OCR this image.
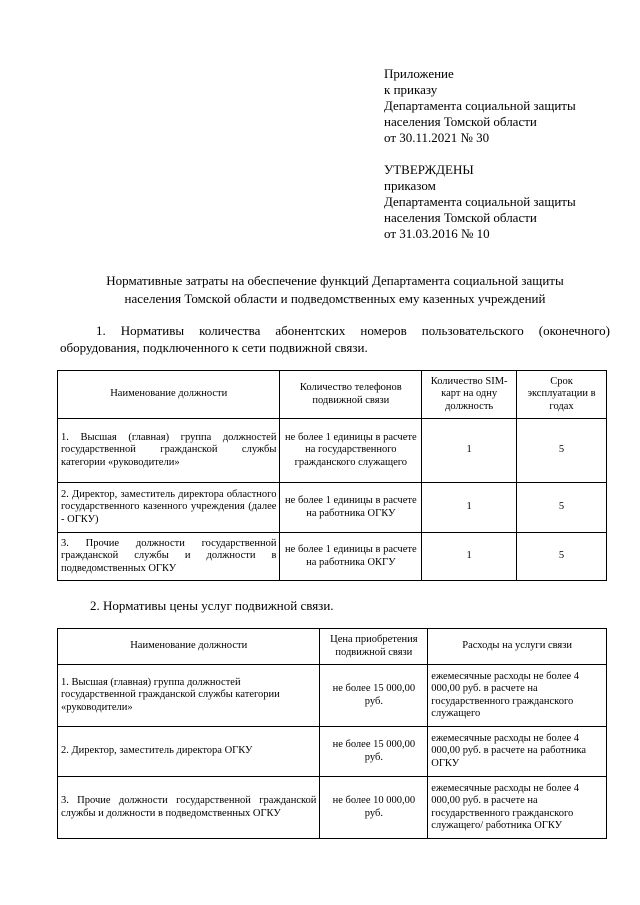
Приложение
к приказу
Департамента социальной защиты
населения Томской области
от 30.11.2021 № 30
УТВЕРЖДЕНЫ
приказом
Департамента социальной защиты
населения Томской области
от 31.03.2016 № 10
Нормативные затраты на обеспечение функций Департамента социальной защиты
населения Томской области и подведомственных ему казенных учреждений
1. Нормативы количества абонентских номеров пользовательского (оконечного) оборудования, подключенного к сети подвижной связи.
Наименование должности	Количество телефонов подвижной связи	Количество SIM-карт на одну должность	Срок эксплуатации в годах
1. Высшая (главная) группа должностей государственной гражданской службы категории «руководители»	не более 1 единицы в расчете на государственного гражданского служащего	1	5
2. Директор, заместитель директора областного государственного казенного учреждения (далее - ОГКУ)	не более 1 единицы в расчете на работника ОГКУ	1	5
3. Прочие должности государственной гражданской службы и должности в подведомственных ОГКУ	не более 1 единицы в расчете на работника ОКГУ	1	5
2. Нормативы цены услуг подвижной связи.
Наименование должности	Цена приобретения подвижной связи	Расходы на услуги связи
1. Высшая (главная) группа должностей государственной гражданской службы категории «руководители»	не более 15 000,00 руб.	ежемесячные расходы не более 4 000,00 руб. в расчете на государственного гражданского служащего
2. Директор, заместитель директора ОГКУ	не более 15 000,00 руб.	ежемесячные расходы не более 4 000,00 руб. в расчете на работника ОГКУ
3. Прочие должности государственной гражданской службы и должности в подведомственных ОГКУ	не более 10 000,00 руб.	ежемесячные расходы не более 4 000,00 руб. в расчете на государственного гражданского служащего/ работника ОГКУ
